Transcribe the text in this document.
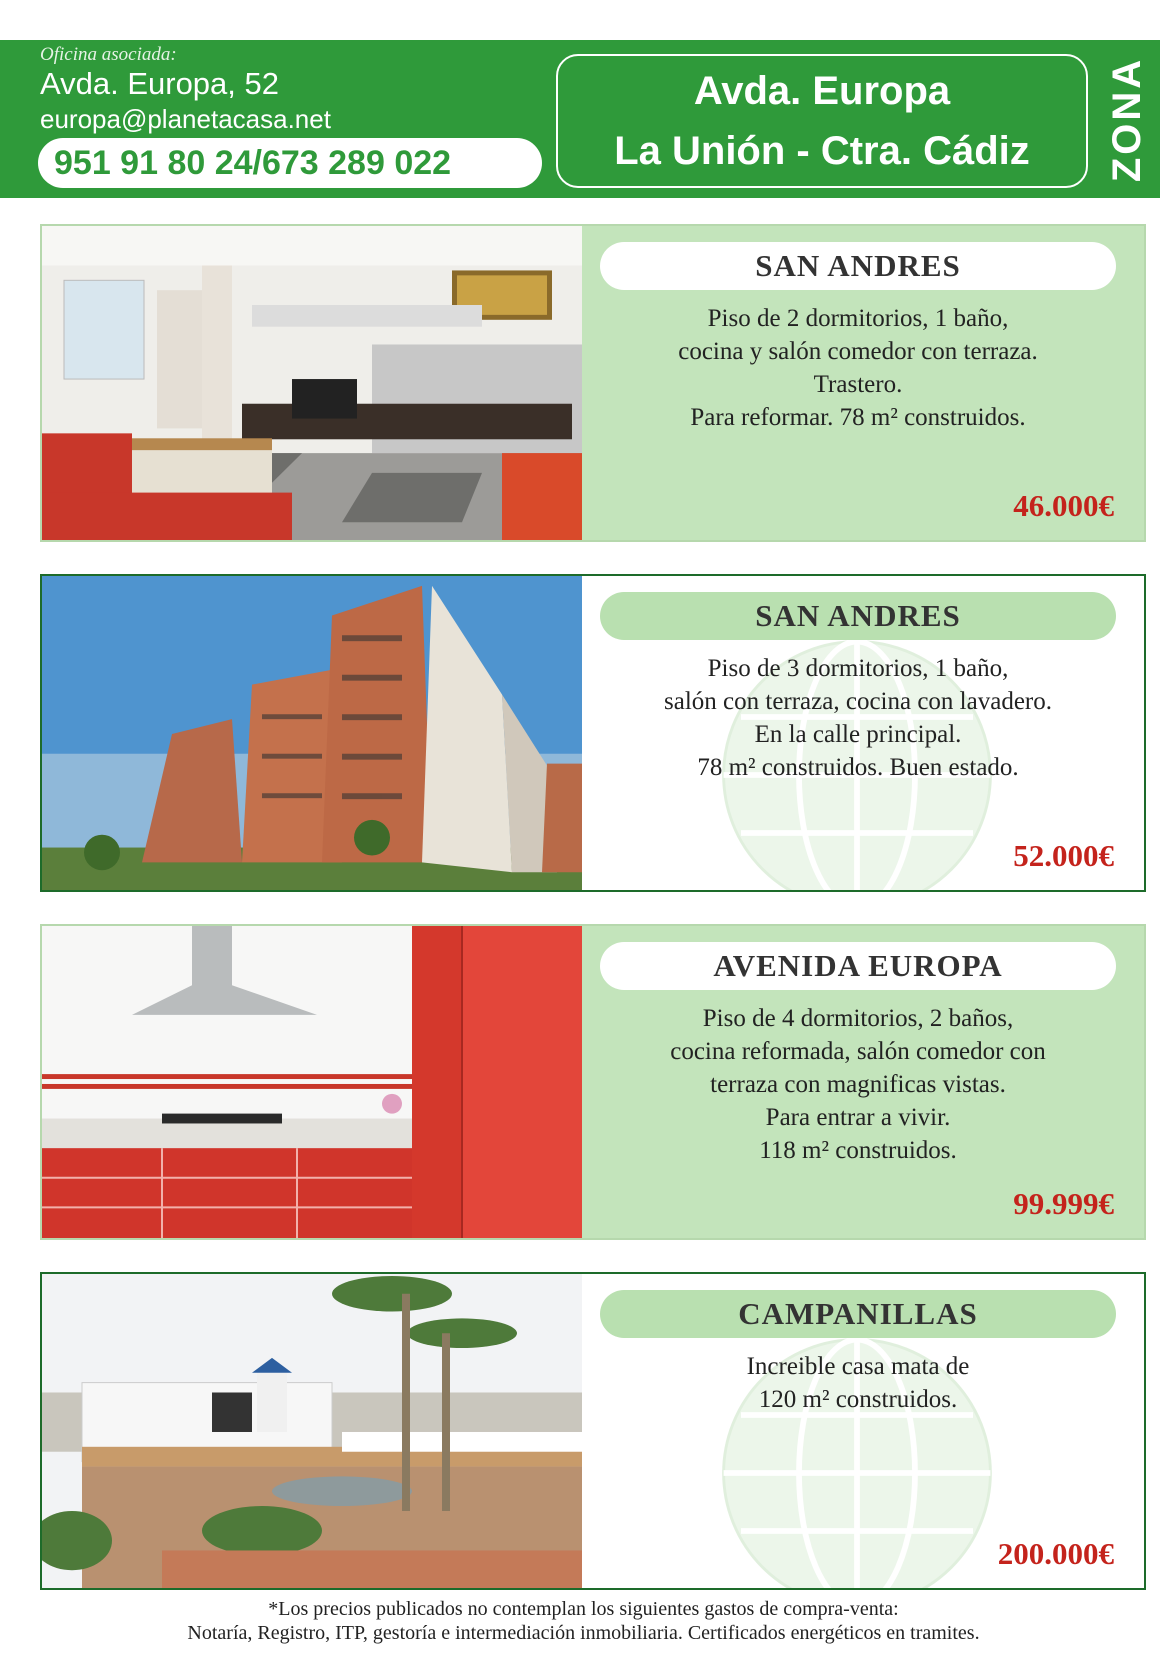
Oficina asociada:
Avda. Europa, 52
europa@planetacasa.net
951 91 80 24/673 289 022
Avda. Europa
La Unión - Ctra. Cádiz ZONA
SAN ANDRES
Piso de 2 dormitorios, 1 baño,
cocina y salón comedor con terraza.
Trastero.
Para reformar. 78 m² construidos.
46.000€
SAN ANDRES
Piso de 3 dormitorios, 1 baño,
salón con terraza, cocina con lavadero.
En la calle principal.
78 m² construidos. Buen estado.
52.000€
AVENIDA EUROPA
Piso de 4 dormitorios, 2 baños,
cocina reformada, salón comedor con
terraza con magnificas vistas.
Para entrar a vivir.
118 m² construidos.
99.999€
CAMPANILLAS
Increible casa mata de
120 m² construidos.
200.000€
*Los precios publicados no contemplan los siguientes gastos de compra-venta:
Notaría, Registro, ITP, gestoría e intermediación inmobiliaria. Certificados energéticos en tramites.
